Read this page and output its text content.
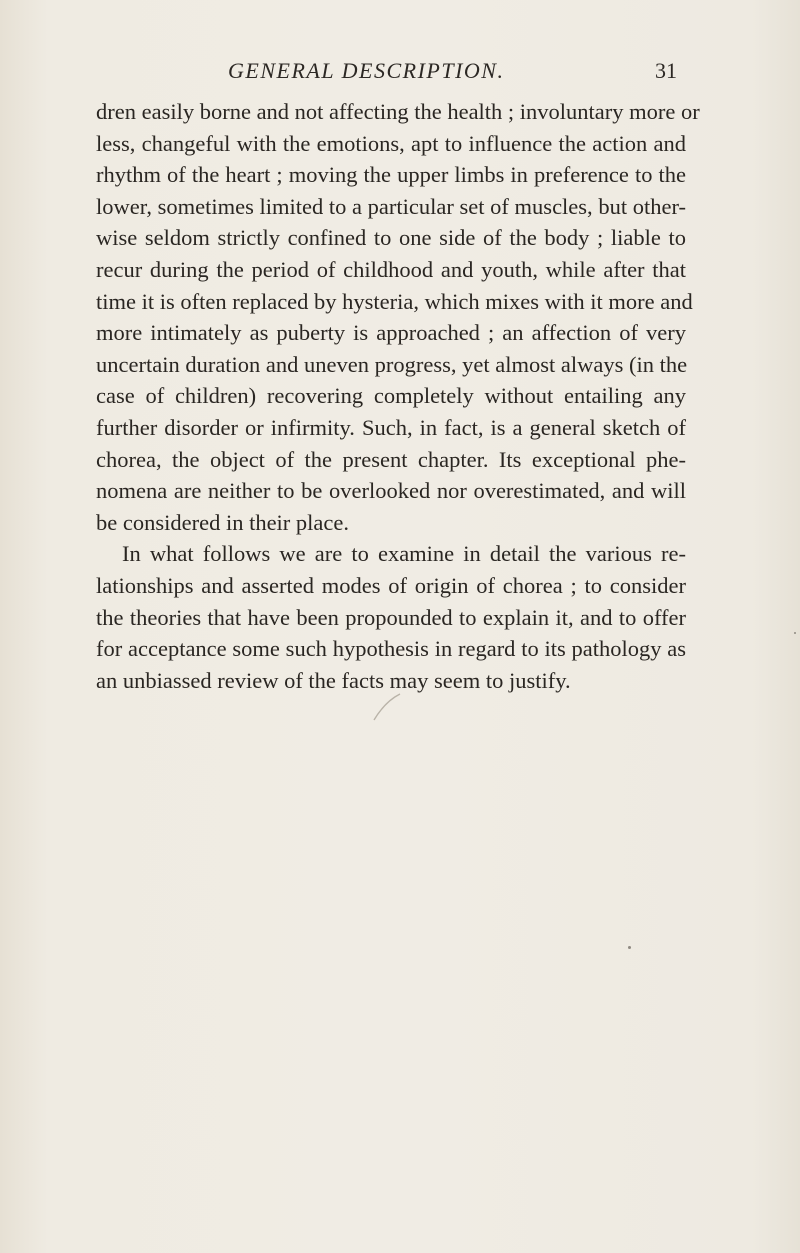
GENERAL DESCRIPTION.	31
dren easily borne and not affecting the health ; involuntary more or
less, changeful with the emotions, apt to influence the action and
rhythm of the heart ; moving the upper limbs in preference to the
lower, sometimes limited to a particular set of muscles, but other-
wise seldom strictly confined to one side of the body ; liable to
recur during the period of childhood and youth, while after that
time it is often replaced by hysteria, which mixes with it more and
more intimately as puberty is approached ; an affection of very
uncertain duration and uneven progress, yet almost always (in the
case of children) recovering completely without entailing any
further disorder or infirmity. Such, in fact, is a general sketch of
chorea, the object of the present chapter. Its exceptional phe-
nomena are neither to be overlooked nor overestimated, and will
be considered in their place.
In what follows we are to examine in detail the various re-
lationships and asserted modes of origin of chorea ; to consider
the theories that have been propounded to explain it, and to offer
for acceptance some such hypothesis in regard to its pathology as
an unbiassed review of the facts may seem to justify.
